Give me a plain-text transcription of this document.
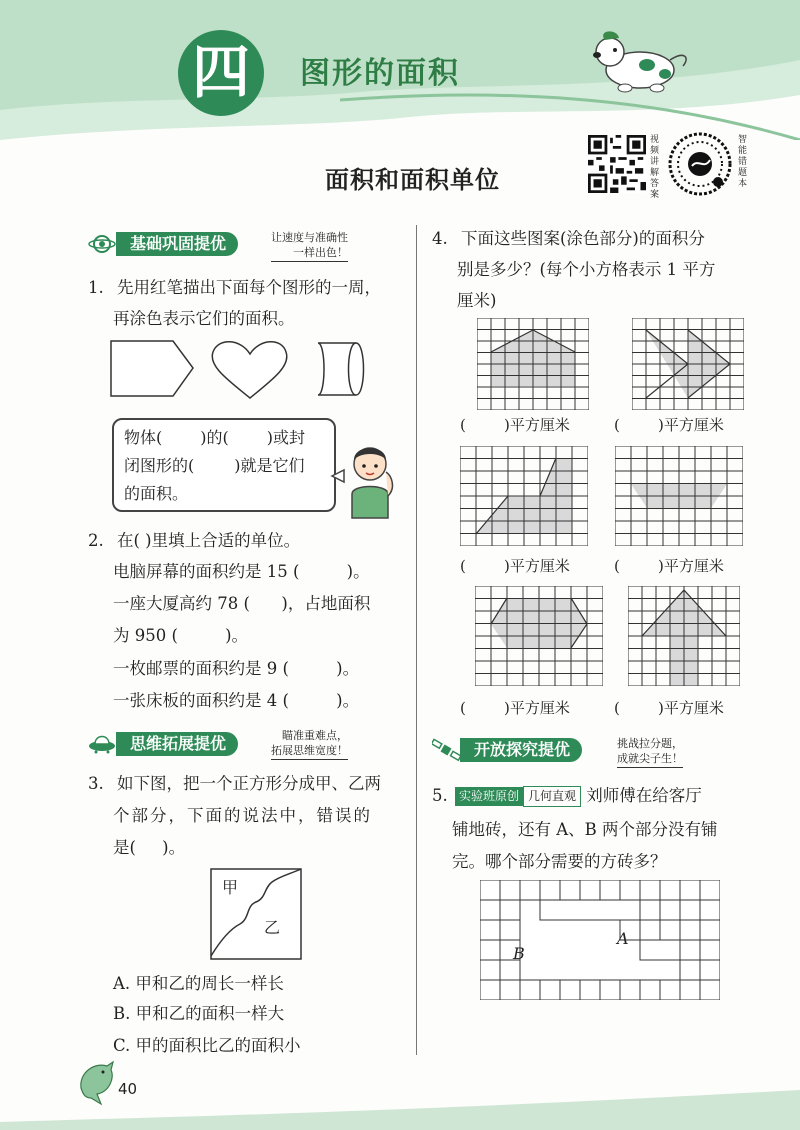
四	图形的面积
面积和面积单位
视频讲解答案
智能错题本
基础巩固提优	让速度与准确性
一样出色！
1. 先用红笔描出下面每个图形的一周，
再涂色表示它们的面积。
物体( )的( )或封
闭图形的(	)就是它们
的面积。
2. 在( )里填上合适的单位。
电脑屏幕的面积约是 15 (         )。
一座大厦高约 78 (      )，占地面积
为 950 (         )。
一枚邮票的面积约是 9 (         )。
一张床板的面积约是 4 (         )。
思维拓展提优	瞄准重难点，
拓展思维宽度！
3. 如下图，把一个正方形分成甲、乙两
个部分，下面的说法中，错误的
是(     )。
甲
乙
A. 甲和乙的周长一样长
B. 甲和乙的面积一样大
C. 甲的面积比乙的面积小
4. 下面这些图案(涂色部分)的面积分
别是多少？(每个小方格表示 1 平方
厘米)
(        )平方厘米	(        )平方厘米
(        )平方厘米	(        )平方厘米
(        )平方厘米	(        )平方厘米
开放探究提优	挑战拉分题，
成就尖子生！
5. 实验班原创 几何直观 刘师傅在给客厅
铺地砖，还有 A、B 两个部分没有铺
完。哪个部分需要的方砖多？
A
B
40
